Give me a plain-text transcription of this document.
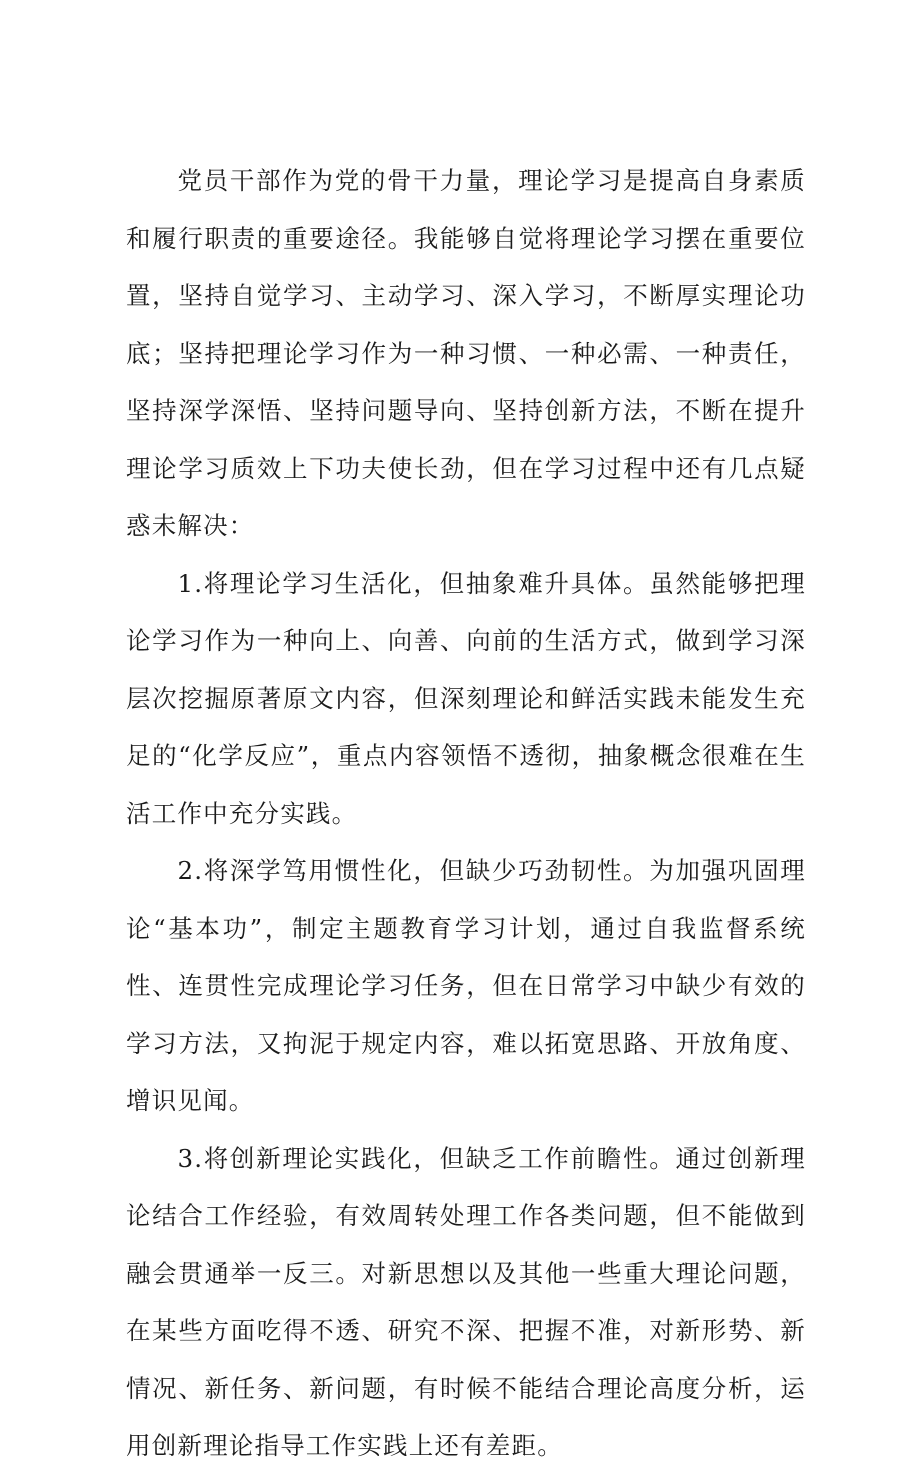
党员干部作为党的骨干力量，理论学习是提高自身素质和履行职责的重要途径。我能够自觉将理论学习摆在重要位置，坚持自觉学习、主动学习、深入学习，不断厚实理论功底；坚持把理论学习作为一种习惯、一种必需、一种责任，坚持深学深悟、坚持问题导向、坚持创新方法，不断在提升理论学习质效上下功夫使长劲，但在学习过程中还有几点疑惑未解决：

1.将理论学习生活化，但抽象难升具体。虽然能够把理论学习作为一种向上、向善、向前的生活方式，做到学习深层次挖掘原著原文内容，但深刻理论和鲜活实践未能发生充足的“化学反应”，重点内容领悟不透彻，抽象概念很难在生活工作中充分实践。

2.将深学笃用惯性化，但缺少巧劲韧性。为加强巩固理论“基本功”，制定主题教育学习计划，通过自我监督系统性、连贯性完成理论学习任务，但在日常学习中缺少有效的学习方法，又拘泥于规定内容，难以拓宽思路、开放角度、增识见闻。

3.将创新理论实践化，但缺乏工作前瞻性。通过创新理论结合工作经验，有效周转处理工作各类问题，但不能做到融会贯通举一反三。对新思想以及其他一些重大理论问题，在某些方面吃得不透、研究不深、把握不准，对新形势、新情况、新任务、新问题，有时候不能结合理论高度分析，运用创新理论指导工作实践上还有差距。
